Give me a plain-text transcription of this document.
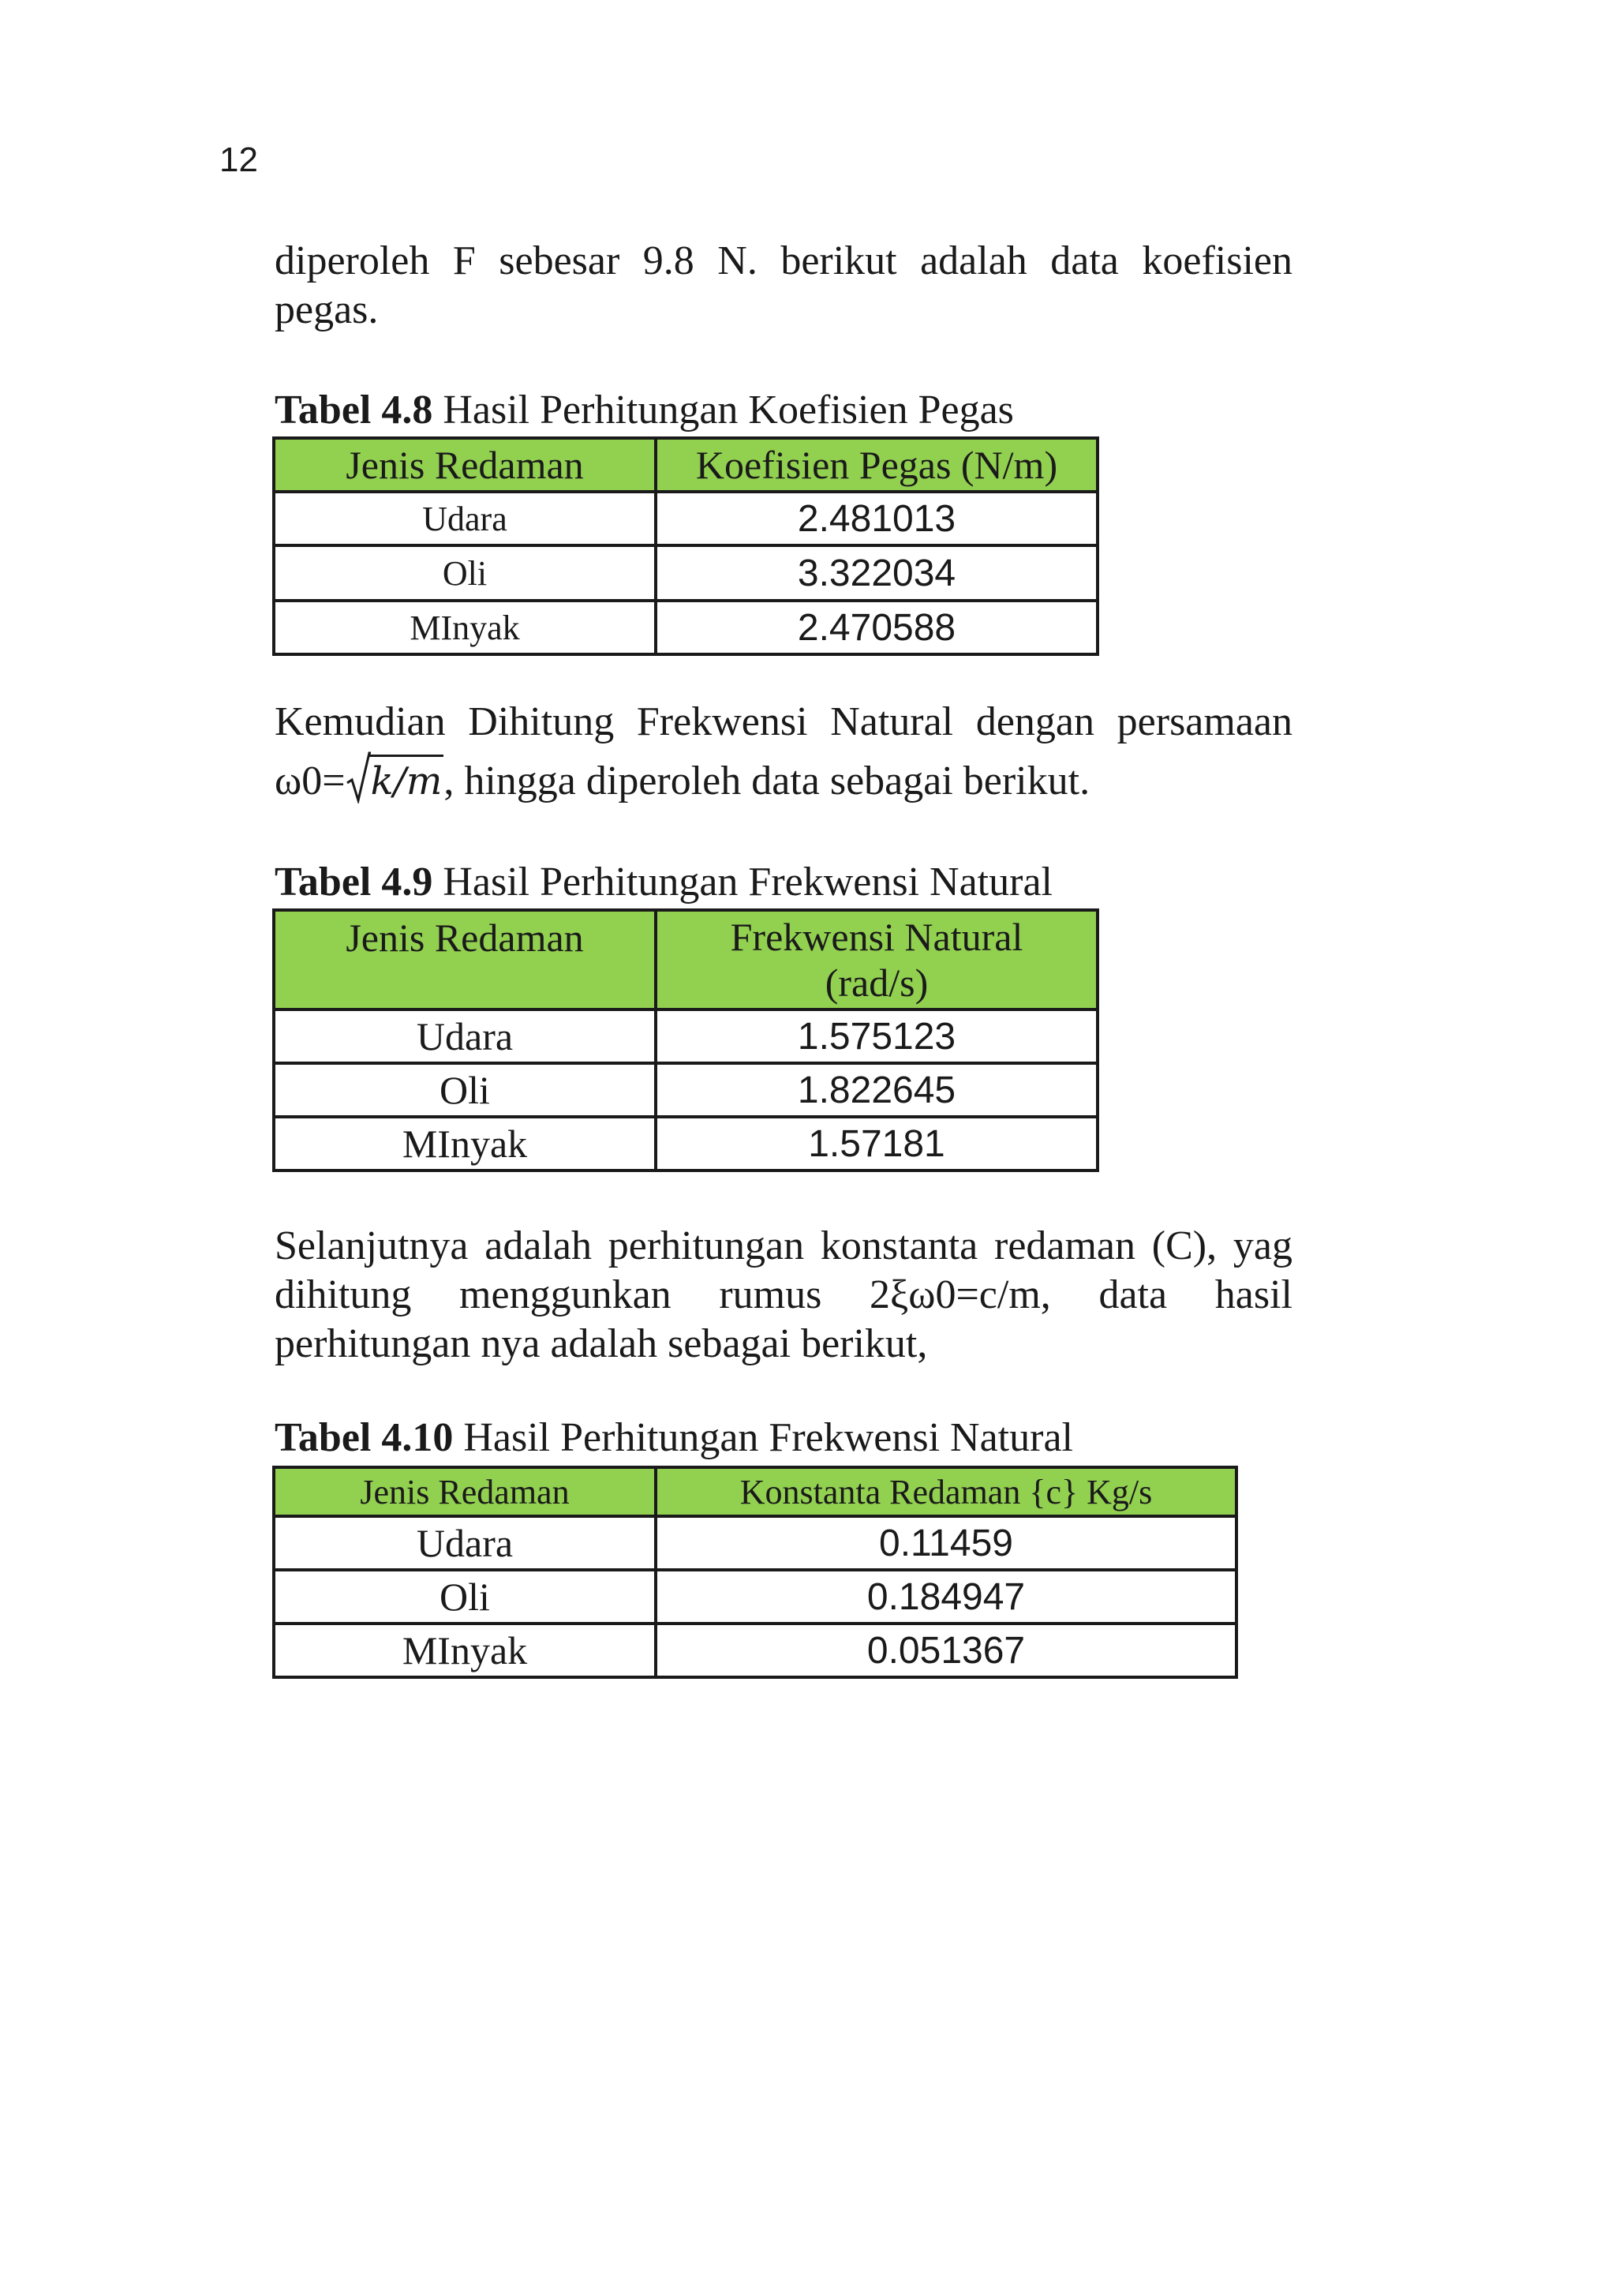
12

diperoleh F sebesar 9.8 N. berikut adalah data koefisien
pegas.

Tabel 4.8 Hasil Perhitungan Koefisien Pegas
Jenis Redaman	Koefisien Pegas (N/m)
Udara	2.481013
Oli	3.322034
MInyak	2.470588

Kemudian Dihitung Frekwensi Natural dengan persamaan
ω0= k/m, hingga diperoleh data sebagai berikut.

Tabel 4.9 Hasil Perhitungan Frekwensi Natural
Jenis Redaman	Frekwensi Natural
(rad/s)
Udara	1.575123
Oli	1.822645
MInyak	1.57181

Selanjutnya adalah perhitungan konstanta redaman (C), yag
dihitung menggunkan rumus 2ξω0=c/m, data hasil
perhitungan nya adalah sebagai berikut,

Tabel 4.10 Hasil Perhitungan Frekwensi Natural
Jenis Redaman	Konstanta Redaman {c} Kg/s
Udara	0.11459
Oli	0.184947
MInyak	0.051367
